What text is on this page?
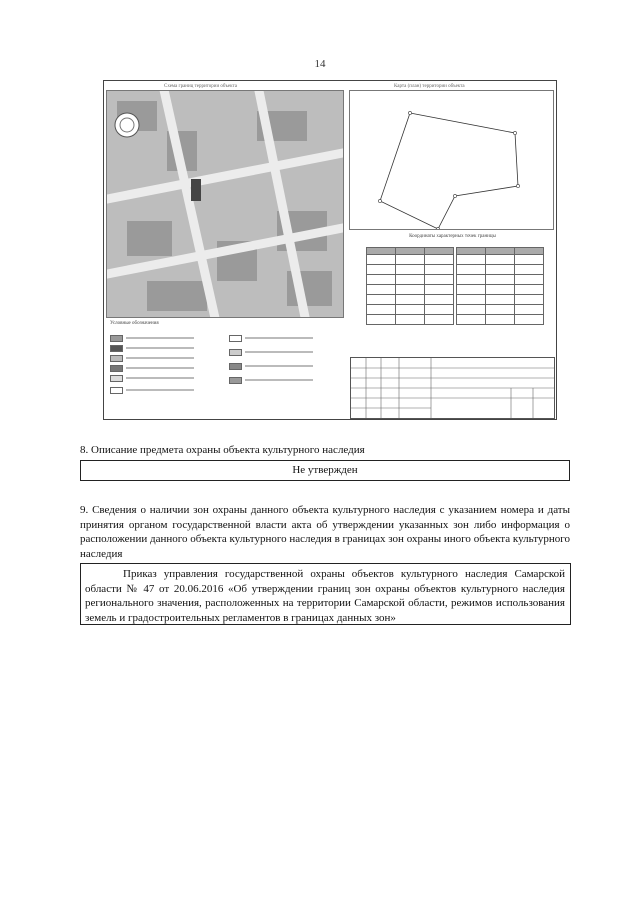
14
Схема границ территории объекта	Карта (план) территории объекта
Координаты характерных точек границы

Условные обозначения
8. Описание предмета охраны объекта культурного наследия
Не утвержден

9. Сведения о наличии зон охраны данного объекта культурного наследия с указанием номера и даты принятия органом государственной власти акта об утверждении указанных зон либо информация о расположении данного объекта культурного наследия в границах зон охраны иного объекта культурного наследия

Приказ управления государственной охраны объектов культурного наследия Самарской области № 47 от 20.06.2016 «Об утверждении границ зон охраны объектов культурного наследия регионального значения, расположенных на территории Самарской области, режимов использования земель и градостроительных регламентов в границах данных зон»
